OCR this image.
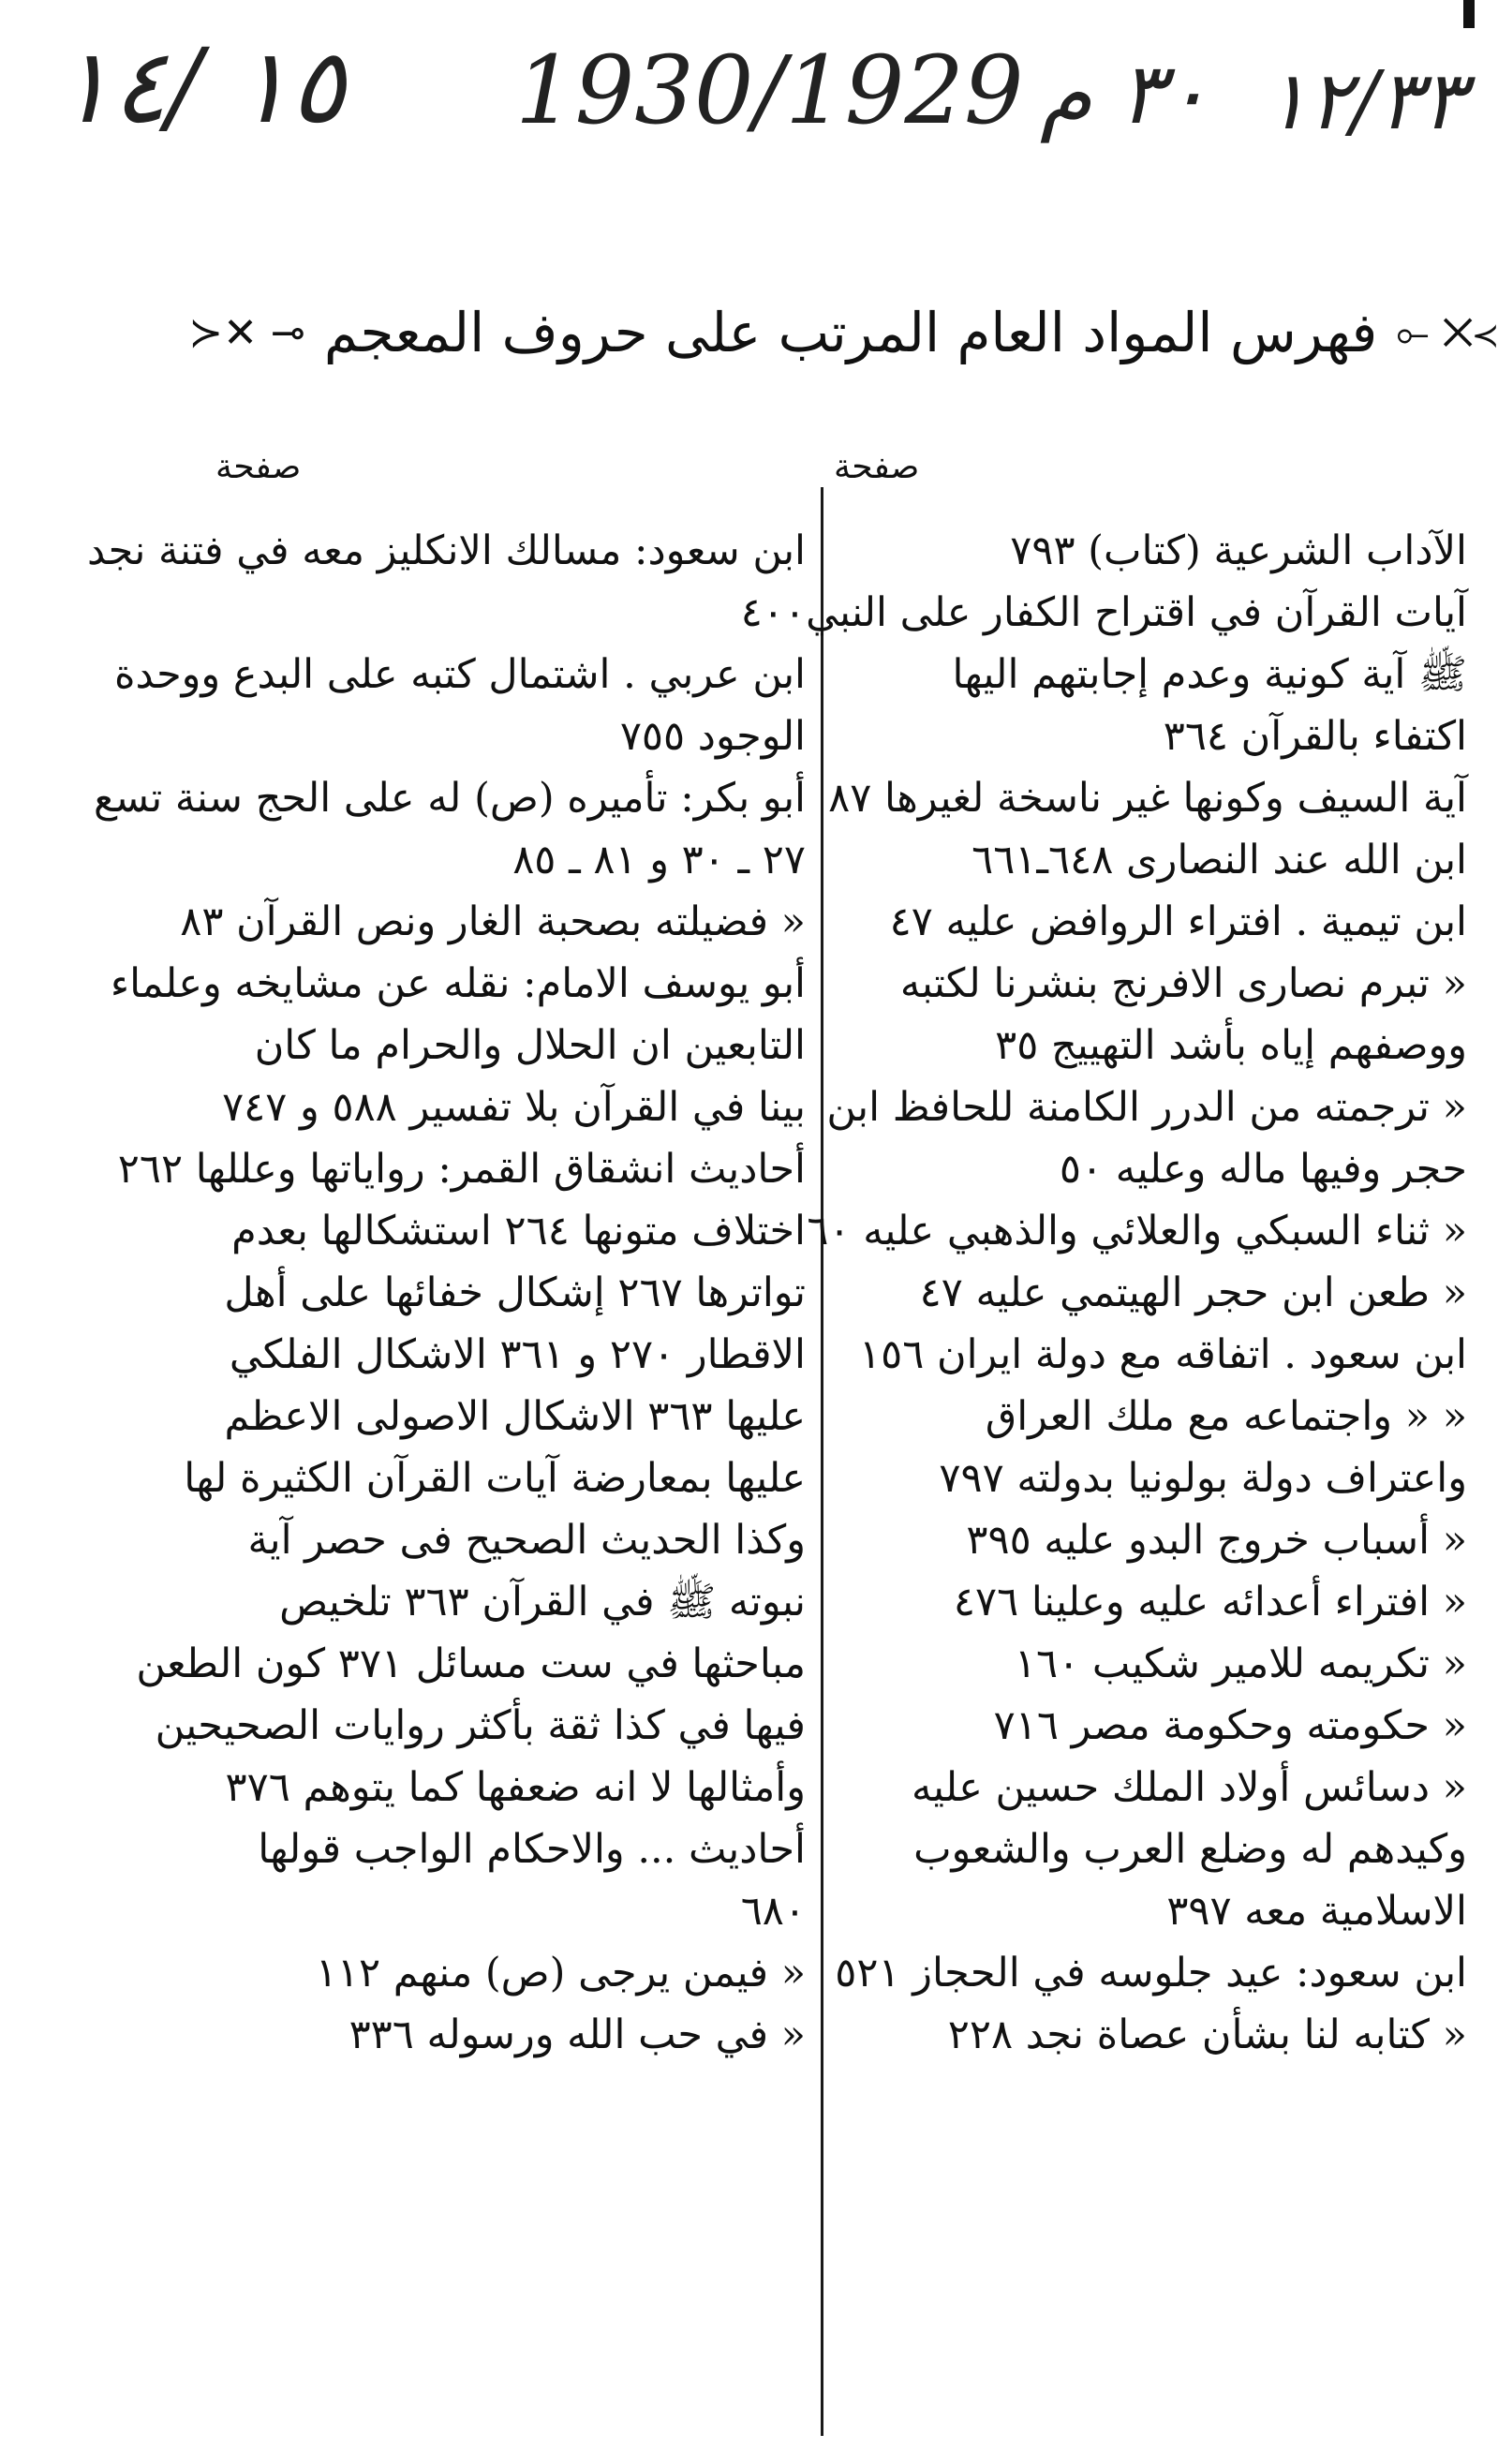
١٥ /١٤ 1930/1929 ٣٠ م ١٢/٣٣
⟜ ✕≺
فهرس المواد العام المرتب على حروف المعجم
≻✕ ⊸
صفحة
صفحة
الآداب الشرعية (كتاب) ٧٩٣
آيات القرآن في اقتراح الكفار على النبي
ﷺ آية كونية وعدم إجابتهم اليها
اكتفاء بالقرآن ٣٦٤
آية السيف وكونها غير ناسخة لغيرها ٨٧
ابن الله عند النصارى ٦٤٨ـ٦٦١
ابن تيمية . افتراء الروافض عليه ٤٧
« تبرم نصارى الافرنج بنشرنا لكتبه
ووصفهم إياه بأشد التهييج ٣٥
« ترجمته من الدرر الكامنة للحافظ ابن
حجر وفيها ماله وعليه ٥٠
« ثناء السبكي والعلائي والذهبي عليه ٦٠
« طعن ابن حجر الهيتمي عليه ٤٧
ابن سعود . اتفاقه مع دولة ايران ١٥٦
« « واجتماعه مع ملك العراق
واعتراف دولة بولونيا بدولته ٧٩٧
« أسباب خروج البدو عليه ٣٩٥
« افتراء أعدائه عليه وعلينا ٤٧٦
« تكريمه للامير شكيب ١٦٠
« حكومته وحكومة مصر ٧١٦
« دسائس أولاد الملك حسين عليه
وكيدهم له وضلع العرب والشعوب
الاسلامية معه ٣٩٧
ابن سعود: عيد جلوسه في الحجاز ٥٢١
« كتابه لنا بشأن عصاة نجد ٢٢٨
ابن سعود: مسالك الانكليز معه في فتنة نجد
٤٠٠
ابن عربي . اشتمال كتبه على البدع ووحدة
الوجود ٧٥٥
أبو بكر: تأميره (ص) له على الحج سنة تسع
٢٧ ـ ٣٠ و ٨١ ـ ٨٥
« فضيلته بصحبة الغار ونص القرآن ٨٣
أبو يوسف الامام: نقله عن مشايخه وعلماء
التابعين ان الحلال والحرام ما كان
بينا في القرآن بلا تفسير ٥٨٨ و ٧٤٧
أحاديث انشقاق القمر: رواياتها وعللها ٢٦٢
اختلاف متونها ٢٦٤ استشكالها بعدم
تواترها ٢٦٧ إشكال خفائها على أهل
الاقطار ٢٧٠ و ٣٦١ الاشكال الفلكي
عليها ٣٦٣ الاشكال الاصولى الاعظم
عليها بمعارضة آيات القرآن الكثيرة لها
وكذا الحديث الصحيح فى حصر آية
نبوته ﷺ في القرآن ٣٦٣ تلخيص
مباحثها في ست مسائل ٣٧١ كون الطعن
فيها في كذا ثقة بأكثر روايات الصحيحين
وأمثالها لا انه ضعفها كما يتوهم ٣٧٦
أحاديث ... والاحكام الواجب قولها
٦٨٠
« فيمن يرجى (ص) منهم ١١٢
« في حب الله ورسوله ٣٣٦
